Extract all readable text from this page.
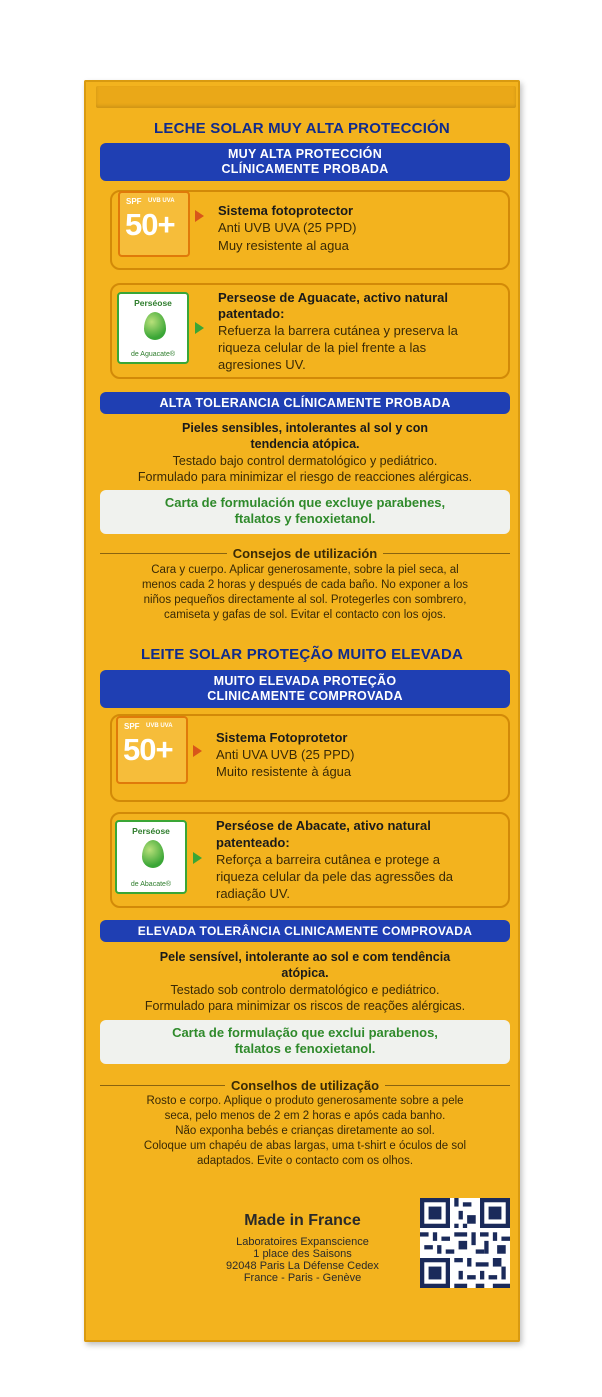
LECHE SOLAR MUY ALTA PROTECCIÓN
MUY ALTA PROTECCIÓN
CLÍNICAMENTE PROBADA
SPF UVB UVA
50+	Sistema fotoprotector
Anti UVB UVA (25 PPD)
Muy resistente al agua
Perséose
de Aguacate®
Perseose de Aguacate, activo natural
patentado:
Refuerza la barrera cutánea y preserva la
riqueza celular de la piel frente a las
agresiones UV.
ALTA TOLERANCIA CLÍNICAMENTE PROBADA
Pieles sensibles, intolerantes al sol y con
tendencia atópica.
Testado bajo control dermatológico y pediátrico.
Formulado para minimizar el riesgo de reacciones alérgicas.
Carta de formulación que excluye parabenes,
ftalatos y fenoxietanol.
Consejos de utilización
Cara y cuerpo. Aplicar generosamente, sobre la piel seca, al
menos cada 2 horas y después de cada baño. No exponer a los
niños pequeños directamente al sol. Protegerles con sombrero,
camiseta y gafas de sol. Evitar el contacto con los ojos.
LEITE SOLAR PROTEÇÃO MUITO ELEVADA
MUITO ELEVADA PROTEÇÃO
CLINICAMENTE COMPROVADA
SPF UVB UVA
50+	Sistema Fotoprotetor
Anti UVA UVB (25 PPD)
Muito resistente à água
Perséose
de Abacate®
Perséose de Abacate, ativo natural
patenteado:
Reforça a barreira cutânea e protege a
riqueza celular da pele das agressões da
radiação UV.
ELEVADA TOLERÂNCIA CLINICAMENTE COMPROVADA
Pele sensível, intolerante ao sol e com tendência
atópica.
Testado sob controlo dermatológico e pediátrico.
Formulado para minimizar os riscos de reações alérgicas.
Carta de formulação que exclui parabenos,
ftalatos e fenoxietanol.
Conselhos de utilização
Rosto e corpo. Aplique o produto generosamente sobre a pele
seca, pelo menos de 2 em 2 horas e após cada banho.
Não exponha bebés e crianças diretamente ao sol.
Coloque um chapéu de abas largas, uma t-shirt e óculos de sol
adaptados. Evite o contacto com os olhos.
Made in France
Laboratoires Expanscience
1 place des Saisons
92048 Paris La Défense Cedex
France - Paris - Genève
